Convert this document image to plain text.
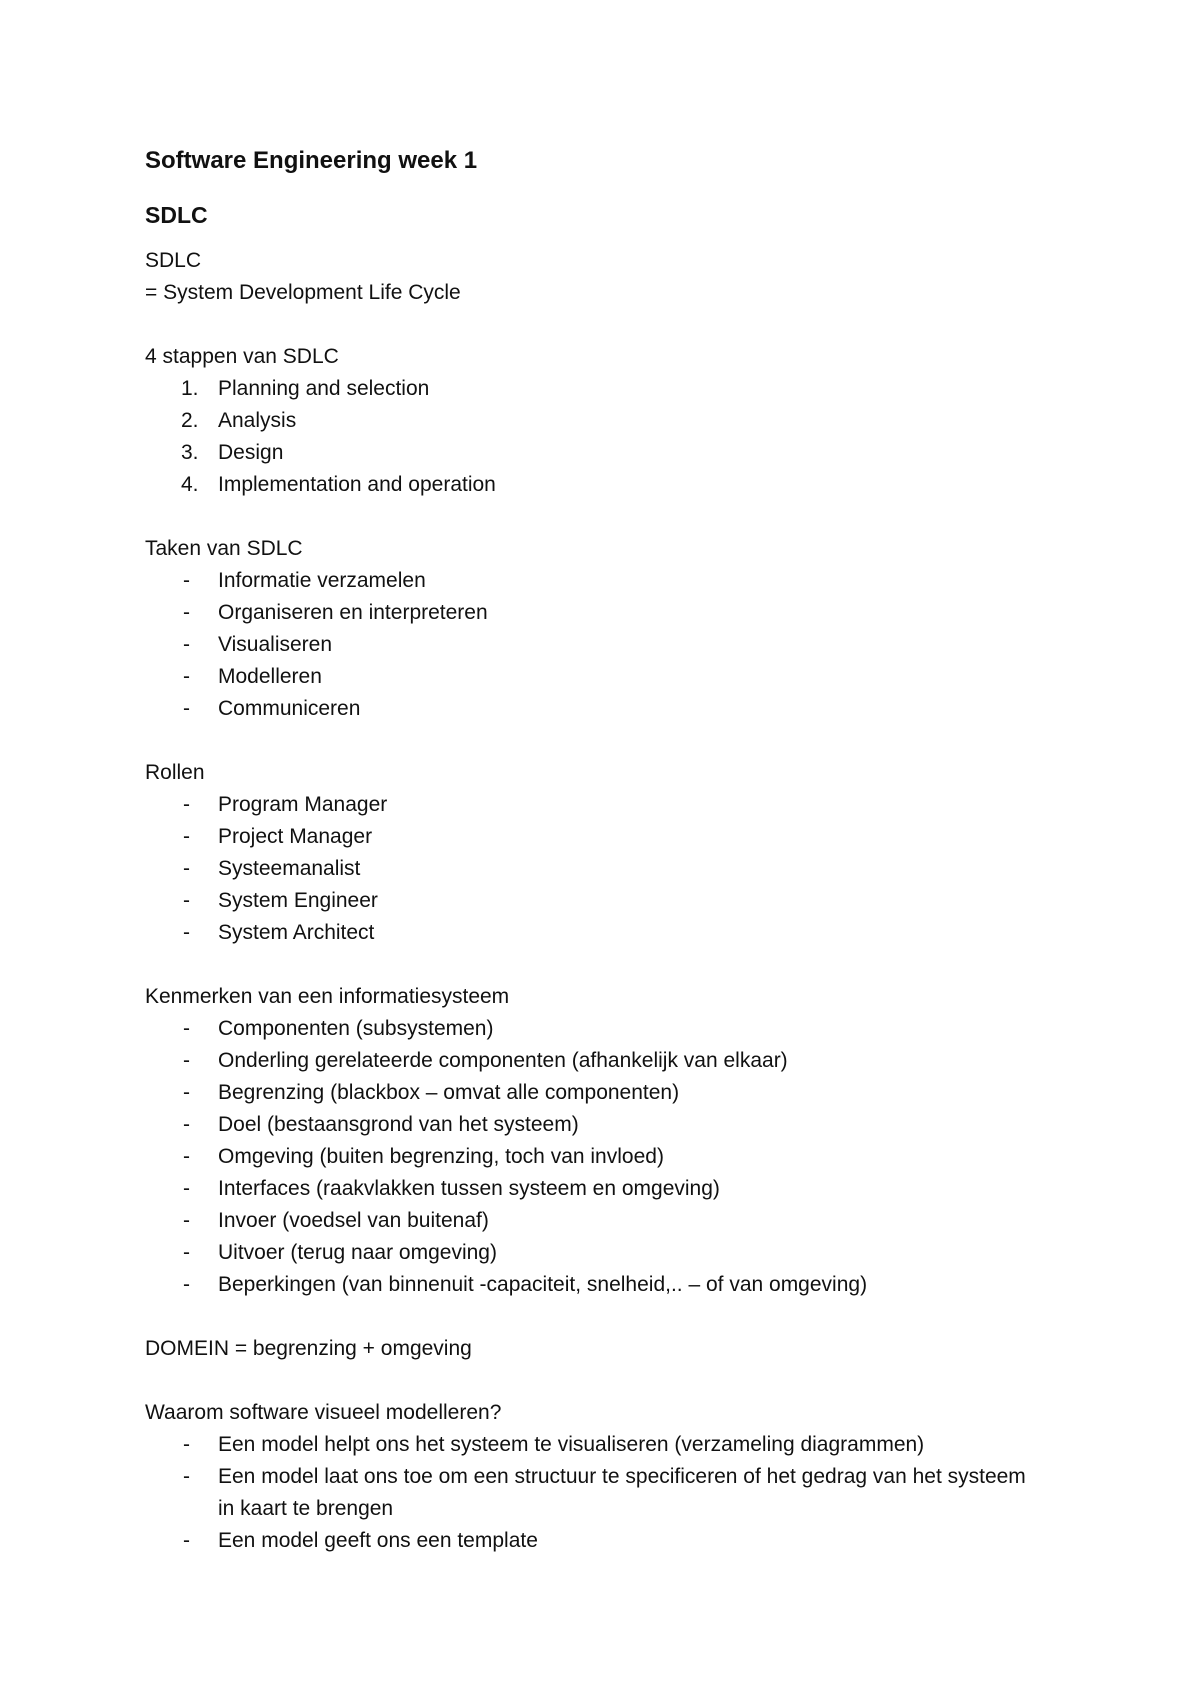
Software Engineering week 1

SDLC

SDLC

= System Development Life Cycle

4 stappen van SDLC

1. Planning and selection
2. Analysis
3. Design
4. Implementation and operation

Taken van SDLC

- Informatie verzamelen
- Organiseren en interpreteren
- Visualiseren
- Modelleren
- Communiceren

Rollen

- Program Manager
- Project Manager
- Systeemanalist
- System Engineer
- System Architect

Kenmerken van een informatiesysteem

- Componenten (subsystemen)
- Onderling gerelateerde componenten (afhankelijk van elkaar)
- Begrenzing (blackbox – omvat alle componenten)
- Doel (bestaansgrond van het systeem)
- Omgeving (buiten begrenzing, toch van invloed)
- Interfaces (raakvlakken tussen systeem en omgeving)
- Invoer (voedsel van buitenaf)
- Uitvoer (terug naar omgeving)
- Beperkingen (van binnenuit -capaciteit, snelheid,.. – of van omgeving)

DOMEIN = begrenzing + omgeving

Waarom software visueel modelleren?

- Een model helpt ons het systeem te visualiseren (verzameling diagrammen)
- Een model laat ons toe om een structuur te specificeren of het gedrag van het systeem in kaart te brengen
- Een model geeft ons een template
